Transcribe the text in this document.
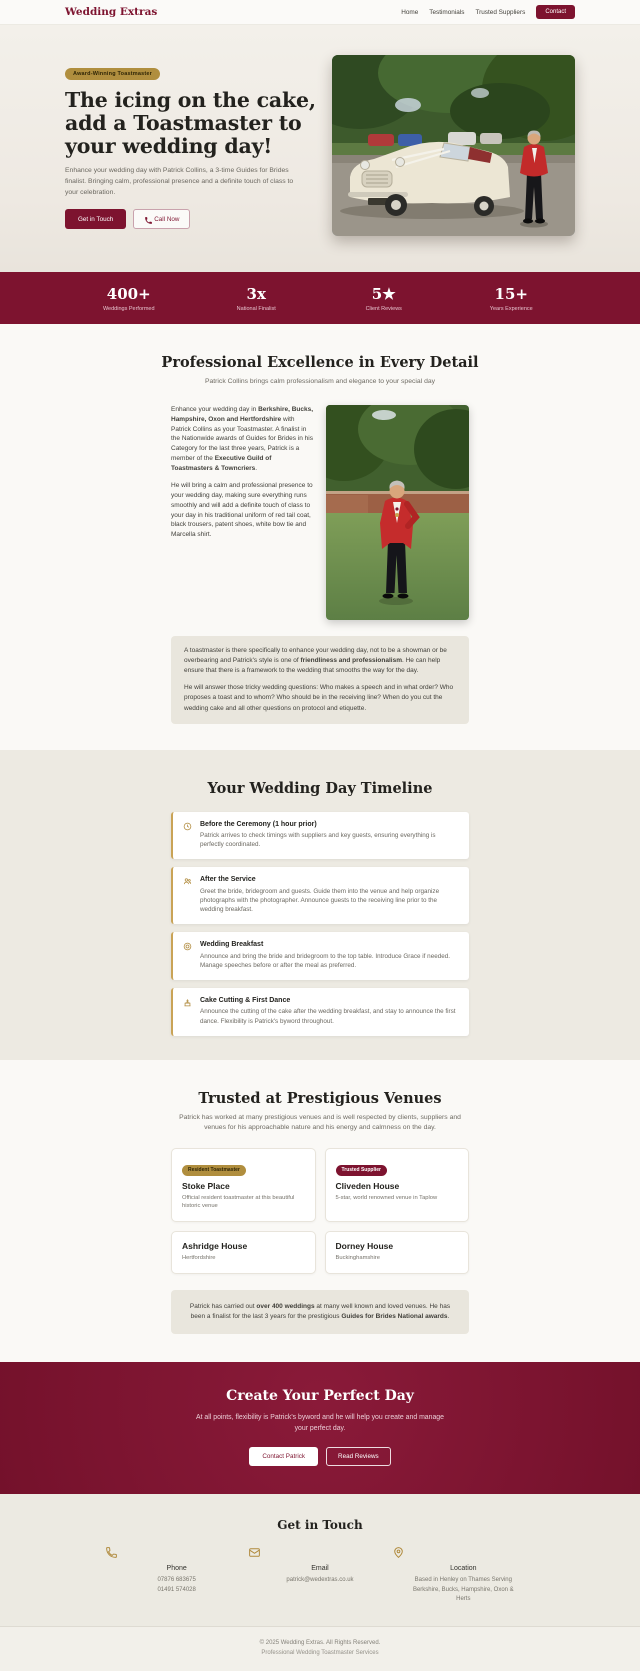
Wedding Extras	Home Testimonials Trusted Suppliers	Contact
Award-Winning Toastmaster
The icing on the cake,
add a Toastmaster to
your wedding day!

Enhance your wedding day with Patrick Collins, a 3-time Guides for Brides finalist. Bringing calm, professional presence and a definite touch of class to your celebration.

Get in Touch	Call Now
400+
Weddings Performed
3x
National Finalist
5★
Client Reviews
15+
Years Experience
Professional Excellence in Every Detail
Patrick Collins brings calm professionalism and elegance to your special day

Enhance your wedding day in Berkshire, Bucks, Hampshire, Oxon and Hertfordshire with Patrick Collins as your Toastmaster. A finalist in the Nationwide awards of Guides for Brides in his Category for the last three years, Patrick is a member of the Executive Guild of Toastmasters & Towncriers.

He will bring a calm and professional presence to your wedding day, making sure everything runs smoothly and will add a definite touch of class to your day in his traditional uniform of red tail coat, black trousers, patent shoes, white bow tie and Marcella shirt.

A toastmaster is there specifically to enhance your wedding day, not to be a showman or be overbearing and Patrick's style is one of friendliness and professionalism. He can help ensure that there is a framework to the wedding that smooths the way for the day.

He will answer those tricky wedding questions: Who makes a speech and in what order? Who proposes a toast and to whom? Who should be in the receiving line? When do you cut the wedding cake and all other questions on protocol and etiquette.

Your Wedding Day Timeline
Before the Ceremony (1 hour prior)
Patrick arrives to check timings with suppliers and key guests, ensuring everything is perfectly coordinated.
After the Service
Greet the bride, bridegroom and guests. Guide them into the venue and help organize photographs with the photographer. Announce guests to the receiving line prior to the wedding breakfast.
Wedding Breakfast
Announce and bring the bride and bridegroom to the top table. Introduce Grace if needed. Manage speeches before or after the meal as preferred.
Cake Cutting & First Dance
Announce the cutting of the cake after the wedding breakfast, and stay to announce the first dance. Flexibility is Patrick's byword throughout.
Trusted at Prestigious Venues
Patrick has worked at many prestigious venues and is well respected by clients, suppliers and venues for his approachable nature and his energy and calmness on the day.
Resident Toastmaster
Stoke Place
Official resident toastmaster at this beautiful historic venue
Trusted Supplier
Cliveden House
5-star, world renowned venue in Taplow
Ashridge House
Hertfordshire
Dorney House
Buckinghamshire

Patrick has carried out over 400 weddings at many well known and loved venues. He has been a finalist for the last 3 years for the prestigious Guides for Brides National awards.

Create Your Perfect Day
At all points, flexibility is Patrick's byword and he will help you create and manage your perfect day.
Contact Patrick	Read Reviews
Get in Touch
Phone
07876 683675
01491 574028
Email
patrick@wedextras.co.uk
Location
Based in Henley on Thames Serving Berkshire, Bucks, Hampshire, Oxon & Herts
© 2025 Wedding Extras. All Rights Reserved.
Professional Wedding Toastmaster Services
